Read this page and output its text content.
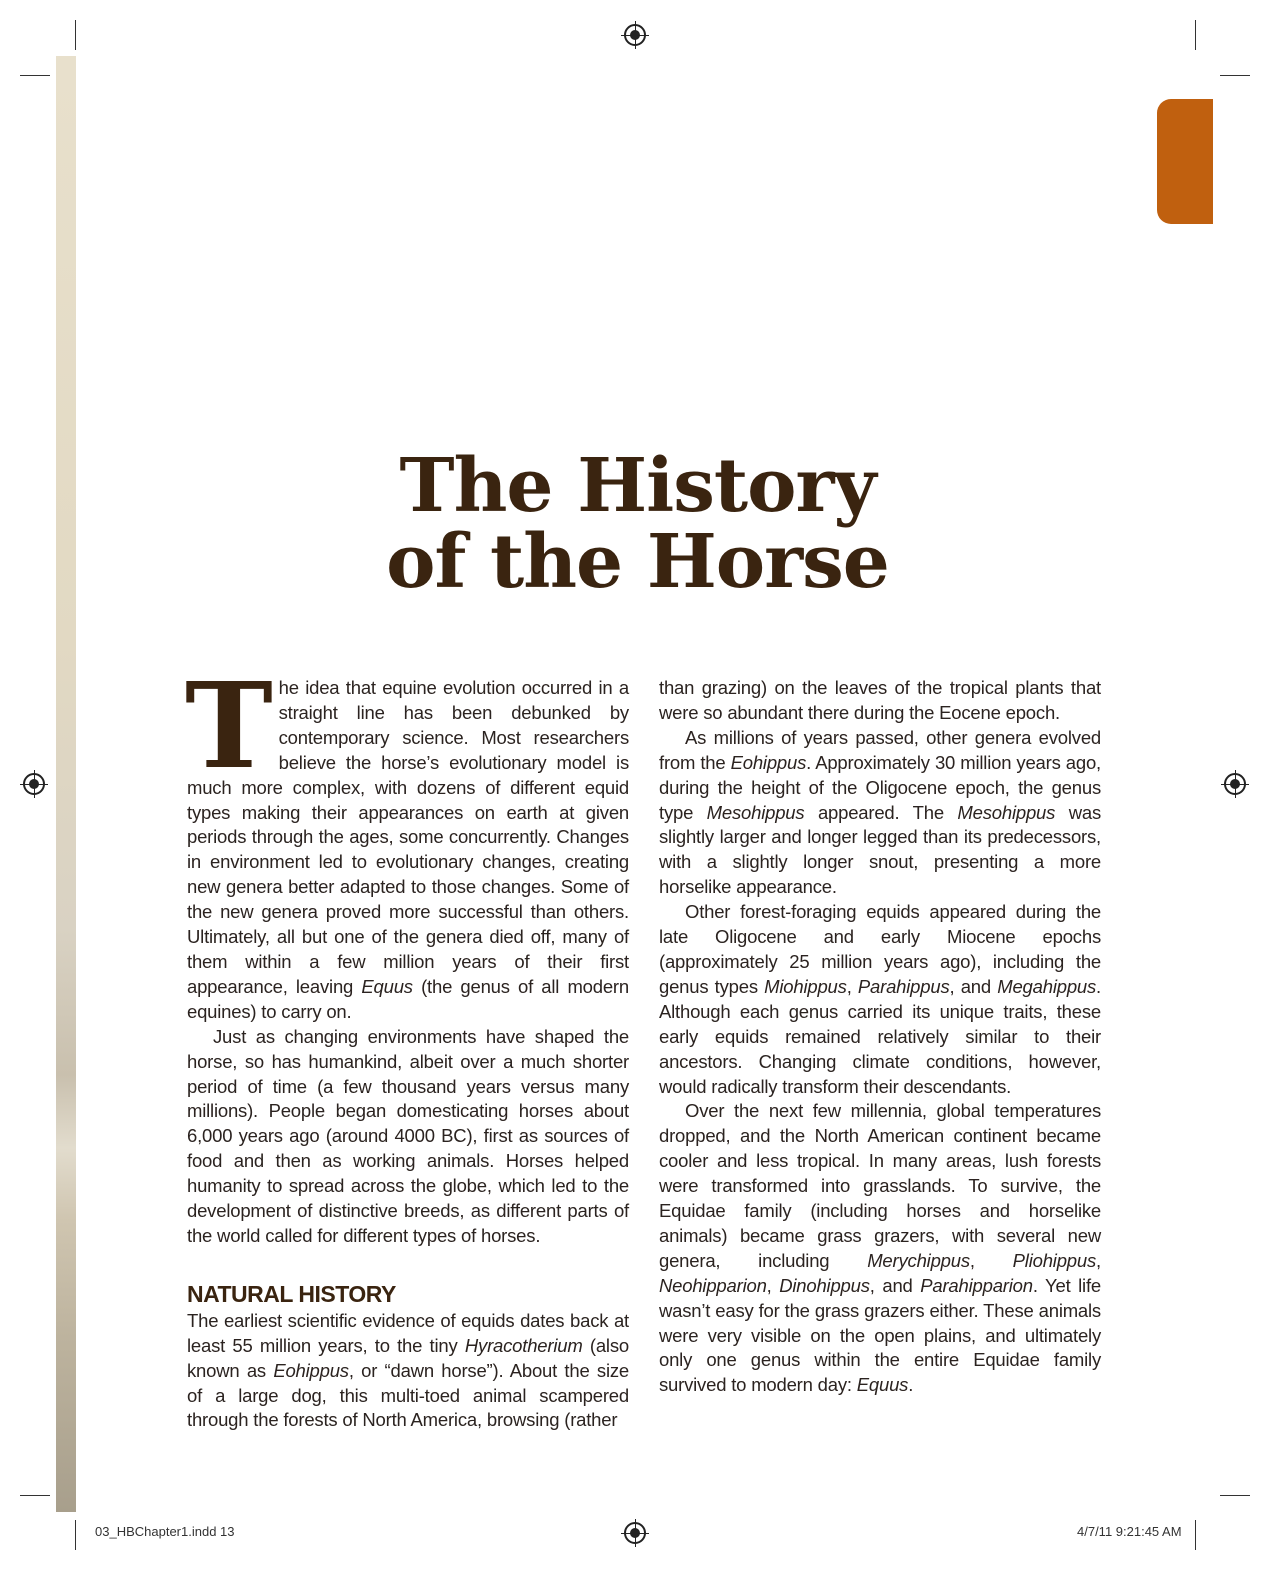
The History
of the Horse

The idea that equine evolution occurred in a straight line has been debunked by contemporary science. Most researchers believe the horse’s evolutionary model is much more complex, with dozens of different equid types making their appearances on earth at given periods through the ages, some concurrently. Changes in environment led to evolutionary changes, creating new genera better adapted to those changes. Some of the new genera proved more successful than others. Ultimately, all but one of the genera died off, many of them within a few million years of their first appearance, leaving Equus (the genus of all modern equines) to carry on.

Just as changing environments have shaped the horse, so has humankind, albeit over a much shorter period of time (a few thousand years versus many millions). People began domesticating horses about 6,000 years ago (around 4000 BC), first as sources of food and then as working animals. Horses helped humanity to spread across the globe, which led to the development of distinctive breeds, as different parts of the world called for different types of horses.

NATURAL HISTORY

The earliest scientific evidence of equids dates back at least 55 million years, to the tiny Hyracotherium (also known as Eohippus, or “dawn horse”). About the size of a large dog, this multi-toed animal scampered through the forests of North America, browsing (rather

than grazing) on the leaves of the tropical plants that were so abundant there during the Eocene epoch.

As millions of years passed, other genera evolved from the Eohippus. Approximately 30 million years ago, during the height of the Oligocene epoch, the genus type Mesohippus appeared. The Mesohippus was slightly larger and longer legged than its predecessors, with a slightly longer snout, presenting a more horselike appearance.

Other forest-foraging equids appeared during the late Oligocene and early Miocene epochs (approximately 25 million years ago), including the genus types Miohippus, Parahippus, and Megahippus. Although each genus carried its unique traits, these early equids remained relatively similar to their ancestors. Changing climate conditions, however, would radically transform their descendants.

Over the next few millennia, global temperatures dropped, and the North American continent became cooler and less tropical. In many areas, lush forests were transformed into grasslands. To survive, the Equidae family (including horses and horselike animals) became grass grazers, with several new genera, including Merychippus, Pliohippus, Neohipparion, Dinohippus, and Parahipparion. Yet life wasn’t easy for the grass grazers either. These animals were very visible on the open plains, and ultimately only one genus within the entire Equidae family survived to modern day: Equus.

03_HBChapter1.indd 13	4/7/11 9:21:45 AM
